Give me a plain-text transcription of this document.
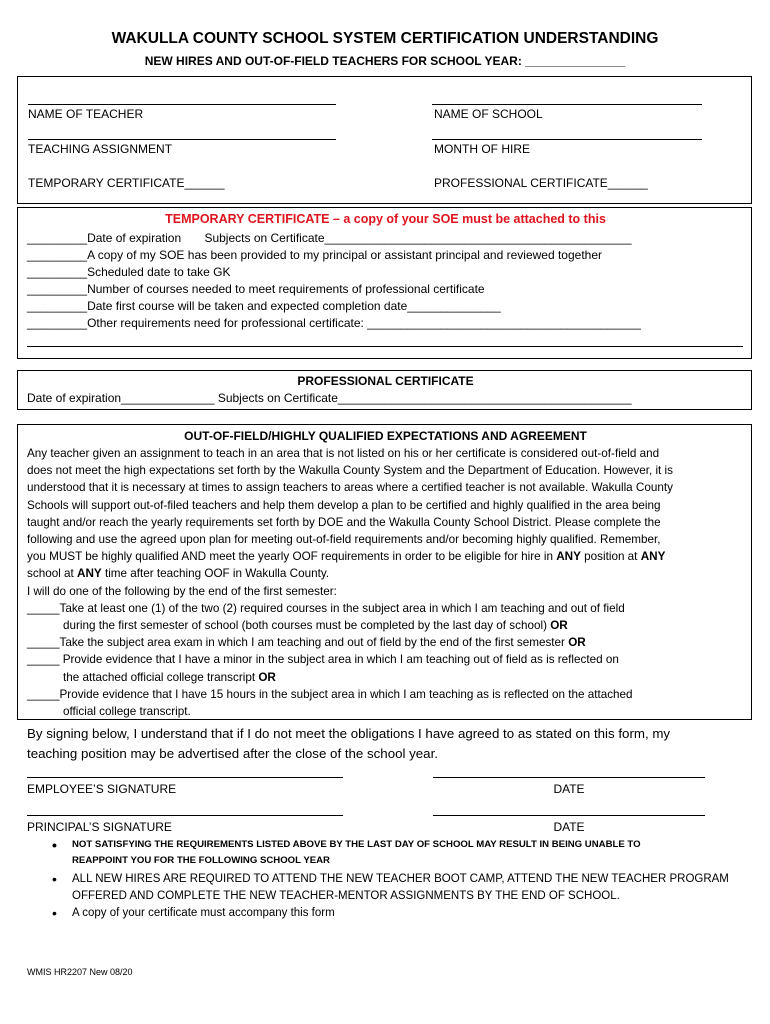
WAKULLA COUNTY SCHOOL SYSTEM CERTIFICATION UNDERSTANDING
NEW HIRES AND OUT-OF-FIELD TEACHERS FOR SCHOOL YEAR: _______________
NAME OF TEACHER	NAME OF SCHOOL
TEACHING ASSIGNMENT	MONTH OF HIRE
TEMPORARY CERTIFICATE______	PROFESSIONAL CERTIFICATE______
TEMPORARY CERTIFICATE – a copy of your SOE must be attached to this
_________Date of expiration       Subjects on Certificate______________________________________________
_________A copy of my SOE has been provided to my principal or assistant principal and reviewed together
_________Scheduled date to take GK
_________Number of courses needed to meet requirements of professional certificate
_________Date first course will be taken and expected completion date______________
_________Other requirements need for professional certificate: _________________________________________
PROFESSIONAL CERTIFICATE
Date of expiration______________ Subjects on Certificate____________________________________________
OUT-OF-FIELD/HIGHLY QUALIFIED EXPECTATIONS AND AGREEMENT
Any teacher given an assignment to teach in an area that is not listed on his or her certificate is considered out-of-field and
does not meet the high expectations set forth by the Wakulla County System and the Department of Education. However, it is
understood that it is necessary at times to assign teachers to areas where a certified teacher is not available. Wakulla County
Schools will support out-of-filed teachers and help them develop a plan to be certified and highly qualified in the area being
taught and/or reach the yearly requirements set forth by DOE and the Wakulla County School District. Please complete the
following and use the agreed upon plan for meeting out-of-field requirements and/or becoming highly qualified. Remember,
you MUST be highly qualified AND meet the yearly OOF requirements in order to be eligible for hire in ANY position at ANY
school at ANY time after teaching OOF in Wakulla County.
I will do one of the following by the end of the first semester:
_____Take at least one (1) of the two (2) required courses in the subject area in which I am teaching and out of field
during the first semester of school (both courses must be completed by the last day of school) OR
_____Take the subject area exam in which I am teaching and out of field by the end of the first semester OR
_____ Provide evidence that I have a minor in the subject area in which I am teaching out of field as is reflected on
the attached official college transcript OR
_____Provide evidence that I have 15 hours in the subject area in which I am teaching as is reflected on the attached
official college transcript.
By signing below, I understand that if I do not meet the obligations I have agreed to as stated on this form, my
teaching position may be advertised after the close of the school year.
EMPLOYEE’S SIGNATURE	DATE
PRINCIPAL’S SIGNATURE	DATE
• NOT SATISFYING THE REQUIREMENTS LISTED ABOVE BY THE LAST DAY OF SCHOOL MAY RESULT IN BEING UNABLE TO
REAPPOINT YOU FOR THE FOLLOWING SCHOOL YEAR
• ALL NEW HIRES ARE REQUIRED TO ATTEND THE NEW TEACHER BOOT CAMP, ATTEND THE NEW TEACHER PROGRAM
OFFERED AND COMPLETE THE NEW TEACHER-MENTOR ASSIGNMENTS BY THE END OF SCHOOL.
• A copy of your certificate must accompany this form
WMIS HR2207 New 08/20
